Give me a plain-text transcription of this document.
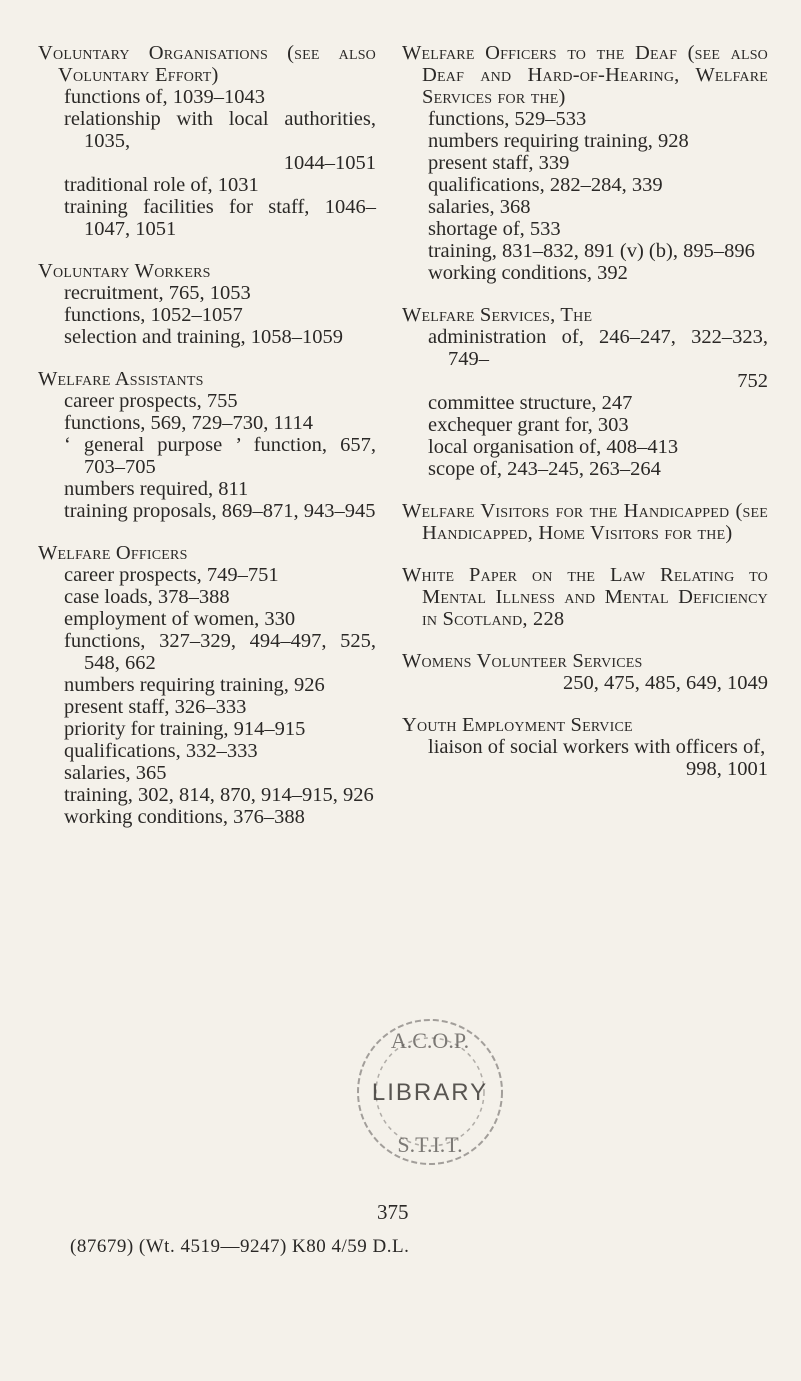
Voluntary Organisations (see also Voluntary Effort)
functions of, 1039–1043
relationship with local authorities, 1035,
1044–1051
traditional role of, 1031
training facilities for staff, 1046–1047, 1051
Voluntary Workers
recruitment, 765, 1053
functions, 1052–1057
selection and training, 1058–1059
Welfare Assistants
career prospects, 755
functions, 569, 729–730, 1114
‘ general purpose ’ function, 657, 703–705
numbers required, 811
training proposals, 869–871, 943–945
Welfare Officers
career prospects, 749–751
case loads, 378–388
employment of women, 330
functions, 327–329, 494–497, 525, 548, 662
numbers requiring training, 926
present staff, 326–333
priority for training, 914–915
qualifications, 332–333
salaries, 365
training, 302, 814, 870, 914–915, 926
working conditions, 376–388
Welfare Officers to the Deaf (see also Deaf and Hard-of-Hearing, Welfare Services for the)
functions, 529–533
numbers requiring training, 928
present staff, 339
qualifications, 282–284, 339
salaries, 368
shortage of, 533
training, 831–832, 891 (v) (b), 895–896
working conditions, 392
Welfare Services, The
administration of, 246–247, 322–323, 749–
752
committee structure, 247
exchequer grant for, 303
local organisation of, 408–413
scope of, 243–245, 263–264
Welfare Visitors for the Handicapped (see Handicapped, Home Visitors for the)
White Paper on the Law Relating to Mental Illness and Mental Deficiency in Scotland, 228
Womens Volunteer Services
250, 475, 485, 649, 1049
Youth Employment Service
liaison of social workers with officers of,
998, 1001
A.C.O.P.
LIBRARY
S.T.I.T.
375
(87679) (Wt. 4519—9247) K80 4/59 D.L.
